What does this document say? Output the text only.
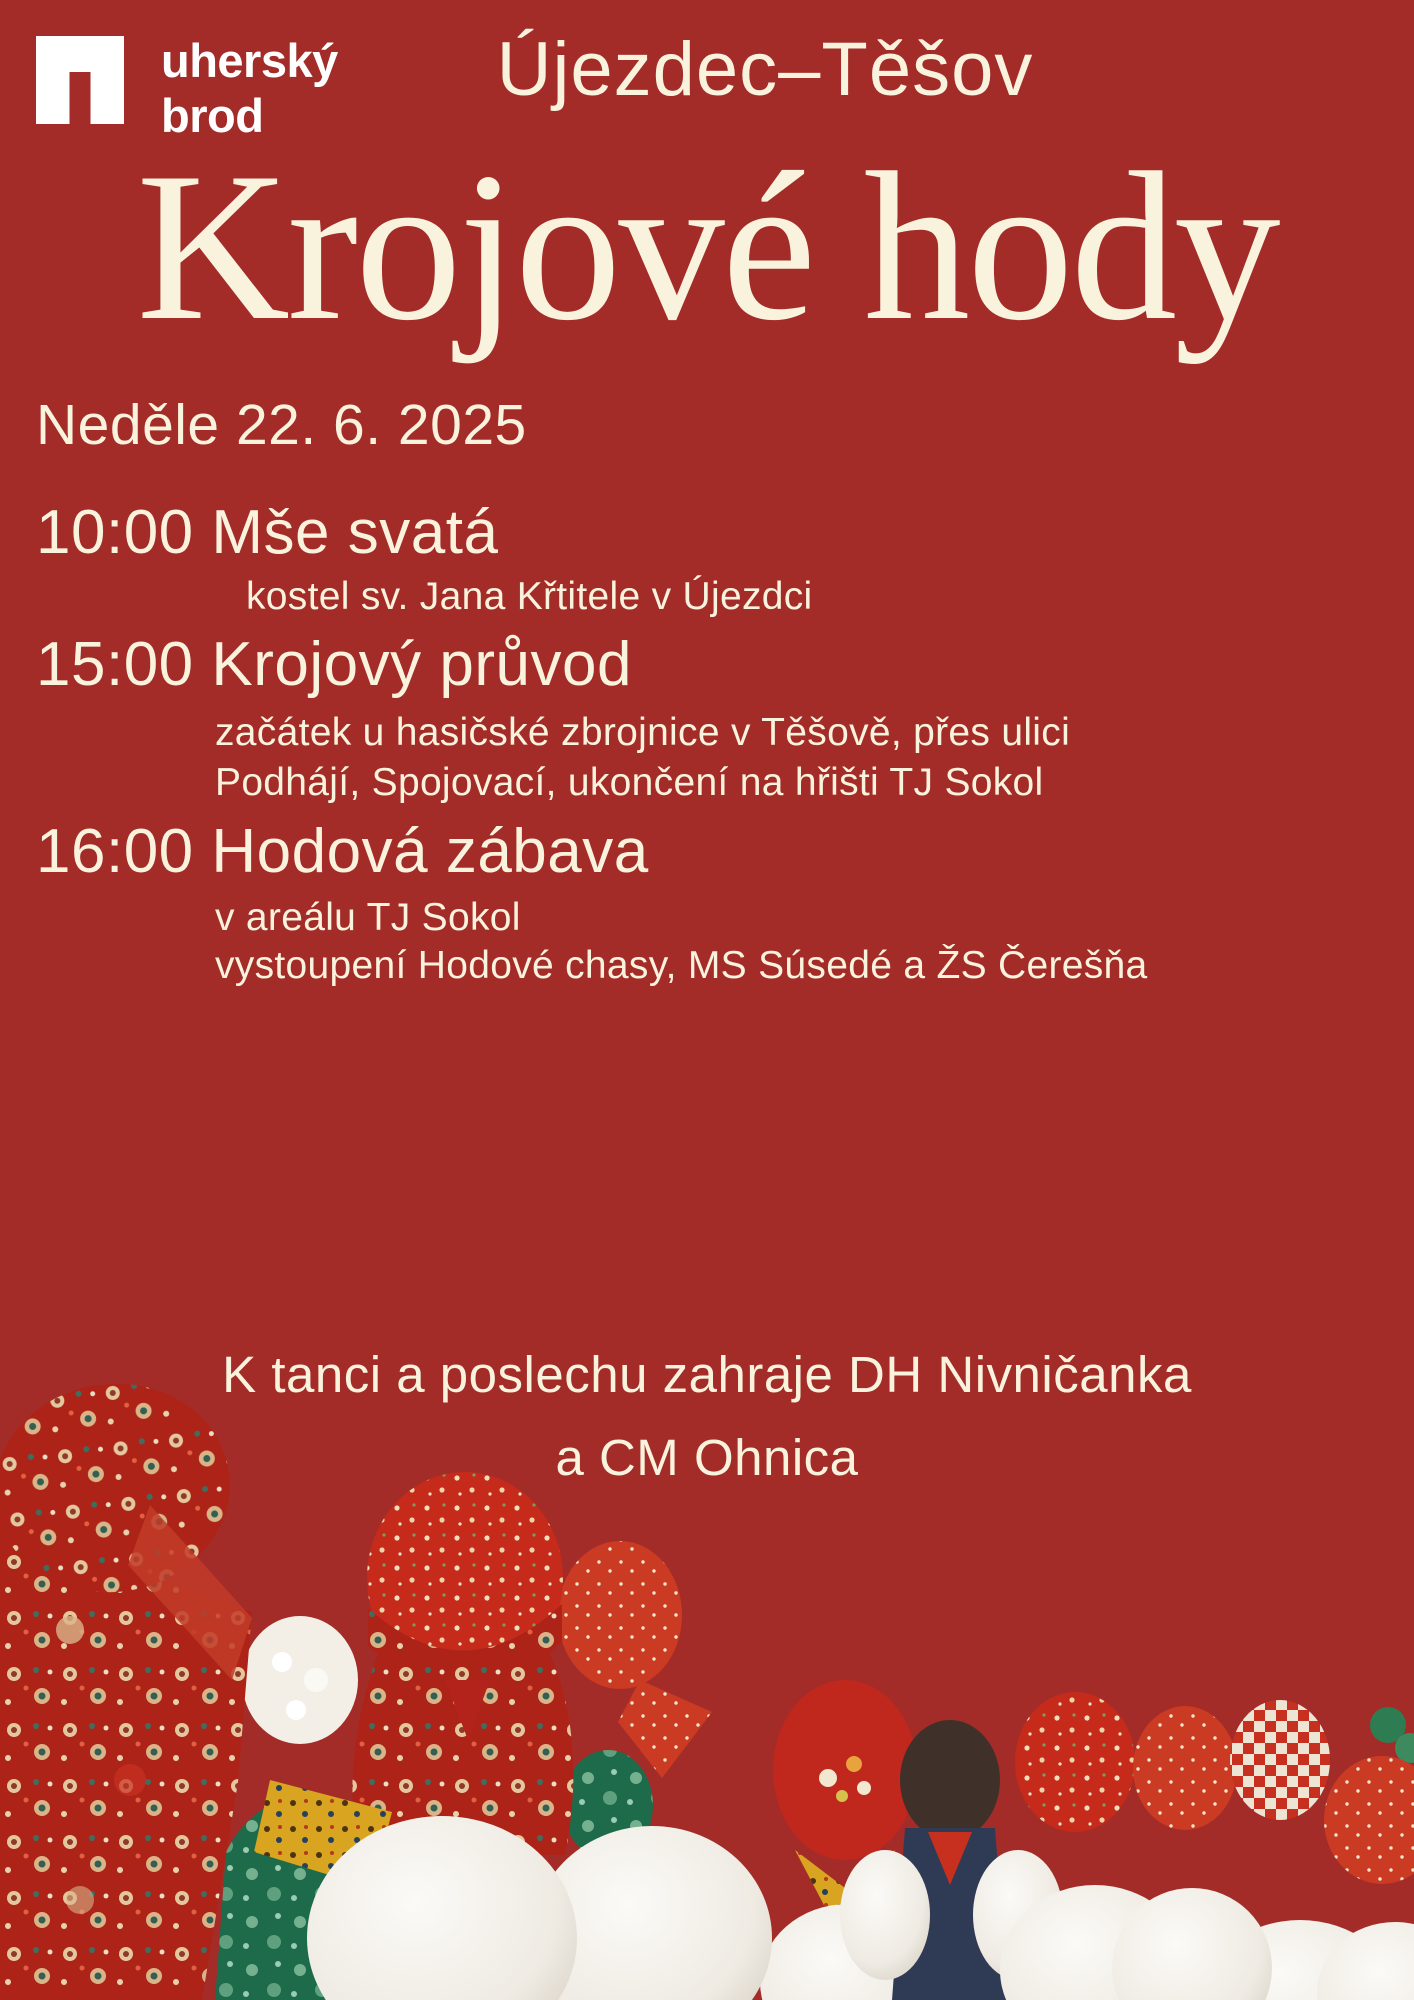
uherský
brod
Újezdec–Těšov
Krojové hody
Neděle 22. 6. 2025
10:00 Mše svatá
kostel sv. Jana Křtitele v Újezdci
15:00 Krojový průvod
začátek u hasičské zbrojnice v Těšově, přes ulici
Podhájí, Spojovací, ukončení na hřišti TJ Sokol
16:00 Hodová zábava
v areálu TJ Sokol
vystoupení Hodové chasy, MS Súsedé a ŽS Čerešňa
K tanci a poslechu zahraje DH Nivničanka
a CM Ohnica
